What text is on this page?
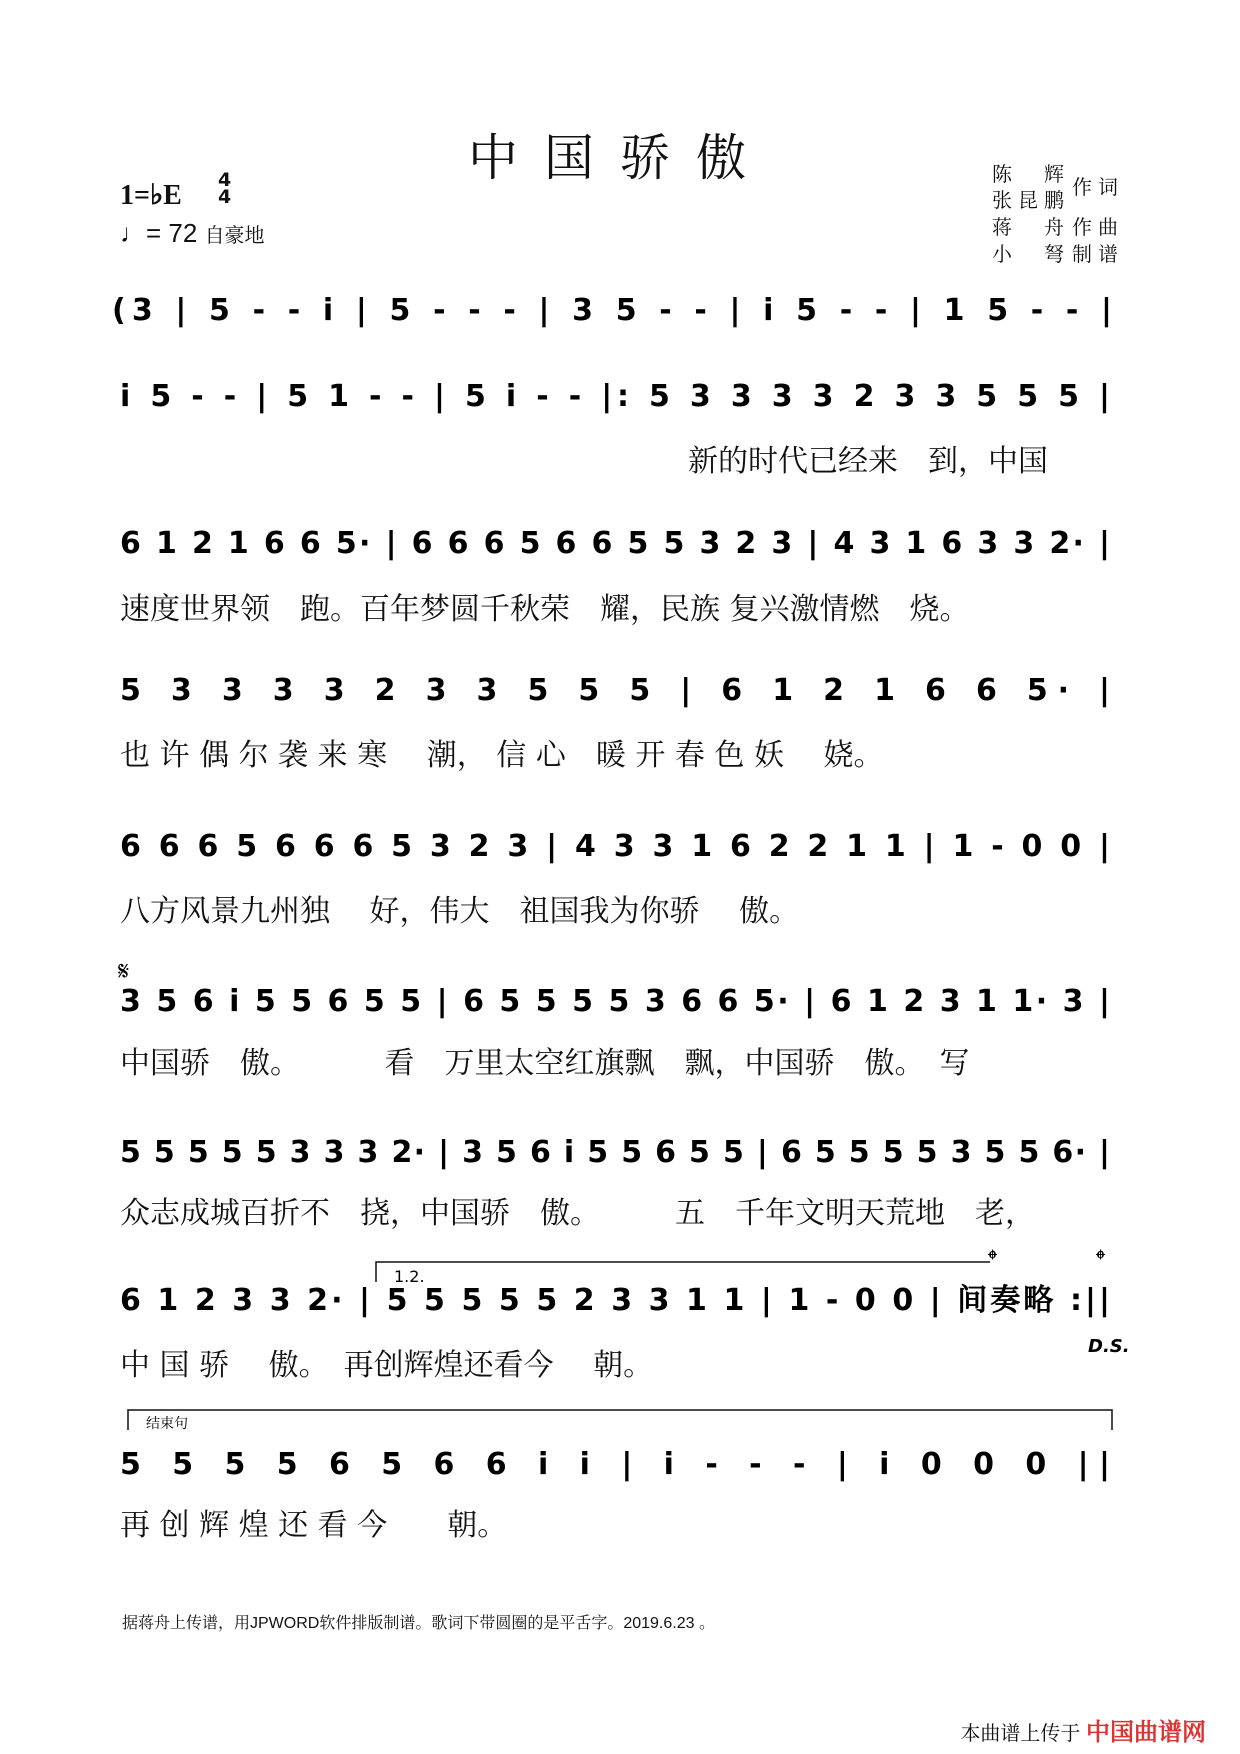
中国骄傲
1=♭E 4
4
♩= 72 自豪地
陈　辉
张昆鹏
作词
蒋　舟 作曲
小　弩 制谱
(3 | 5 - - i | 5 - - - | 3 5 - - | i 5 - - | 1 5 - - |
i 5 - - | 5 1 - - | 5 i - - |: 5 3 3 3 3 2 3 3 5 5 5 |
6 1 2 1 6 6 5· | 6 6 6 5 6 6 5 5 3 2 3 | 4 3 1 6 3 3 2· |
5 3 3 3 3 2 3 3 5 5 5 | 6 1 2 1 6 6 5· |
6 6 6 5 6 6 6 5 3 2 3 | 4 3 3 1 6 2 2 1 1 | 1 - 0 0 |
𝄋
3 5 6 i 5 5 6 5 5 | 6 5 5 5 5 3 6 6 5· | 6 1 2 3 1 1· 3 |
5 5 5 5 5 3 3 3 2· | 3 5 6 i 5 5 6 5 5 | 6 5 5 5 5 3 5 5 6· |
1.2.
𝄌	𝄌
6 1 2 3 3 2· | 5 5 5 5 5 2 3 3 1 1 | 1 - 0 0 | 间奏略 :||
D.S.
结束句
5 5 5 5 6 5 6 6 i i | i - - - | i 0 0 0 ||
新的时代已经来　到，中国
速度世界领　跑。百年梦圆千秋荣　耀，民族 复兴激情燃　烧。
也 许 偶 尔 袭 来 寒　 潮， 信 心　暖 开 春 色 妖　 娆。
八方风景九州独　 好，伟大　祖国我为你骄　 傲。
中国骄　傲。　　　 看　万里太空红旗飘　飘，中国骄　傲。　写
众志成城百折不　挠，中国骄　傲。　　　五　千年文明天荒地　老，
中 国 骄　 傲。　再创辉煌还看今　 朝。
再 创 辉 煌 还 看 今　　朝。
据蒋舟上传谱，用JPWORD软件排版制谱。歌词下带圆圈的是平舌字。2019.6.23 。
本曲谱上传于 中国曲谱网
